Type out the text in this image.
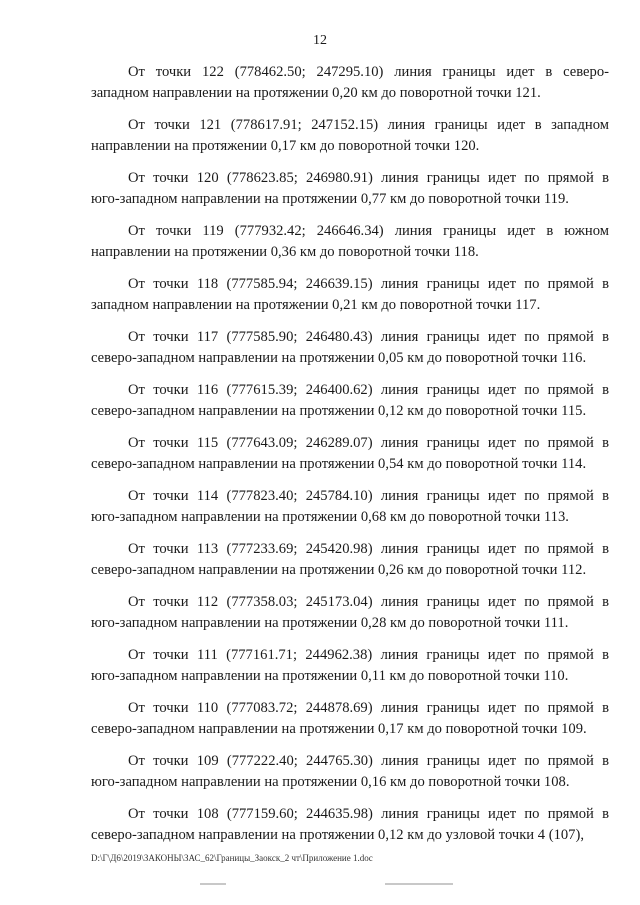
12

От точки 122 (778462.50; 247295.10) линия границы идет в северо-
западном направлении на протяжении 0,20 км до поворотной точки 121.

От точки 121 (778617.91; 247152.15) линия границы идет в западном
направлении на протяжении 0,17 км до поворотной точки 120.

От точки 120 (778623.85; 246980.91) линия границы идет по прямой в
юго-западном направлении на протяжении 0,77 км до поворотной точки 119.

От точки 119 (777932.42; 246646.34) линия границы идет в южном
направлении на протяжении 0,36 км до поворотной точки 118.

От точки 118 (777585.94; 246639.15) линия границы идет по прямой в
западном направлении на протяжении 0,21 км до поворотной точки 117.

От точки 117 (777585.90; 246480.43) линия границы идет по прямой в
северо-западном направлении на протяжении 0,05 км до поворотной точки 116.

От точки 116 (777615.39; 246400.62) линия границы идет по прямой в
северо-западном направлении на протяжении 0,12 км до поворотной точки 115.

От точки 115 (777643.09; 246289.07) линия границы идет по прямой в
северо-западном направлении на протяжении 0,54 км до поворотной точки 114.

От точки 114 (777823.40; 245784.10) линия границы идет по прямой в
юго-западном направлении на протяжении 0,68 км до поворотной точки 113.

От точки 113 (777233.69; 245420.98) линия границы идет по прямой в
северо-западном направлении на протяжении 0,26 км до поворотной точки 112.

От точки 112 (777358.03; 245173.04) линия границы идет по прямой в
юго-западном направлении на протяжении 0,28 км до поворотной точки 111.

От точки 111 (777161.71; 244962.38) линия границы идет по прямой в
юго-западном направлении на протяжении 0,11 км до поворотной точки 110.

От точки 110 (777083.72; 244878.69) линия границы идет по прямой в
северо-западном направлении на протяжении 0,17 км до поворотной точки 109.

От точки 109 (777222.40; 244765.30) линия границы идет по прямой в
юго-западном направлении на протяжении 0,16 км до поворотной точки 108.

От точки 108 (777159.60; 244635.98) линия границы идет по прямой в
северо-западном направлении на протяжении 0,12 км до узловой точки 4 (107),

D:\Г\Д6\2019\ЗАКОНЫ\ЗАС_62\Границы_Заокск_2 чт\Приложение 1.doc
